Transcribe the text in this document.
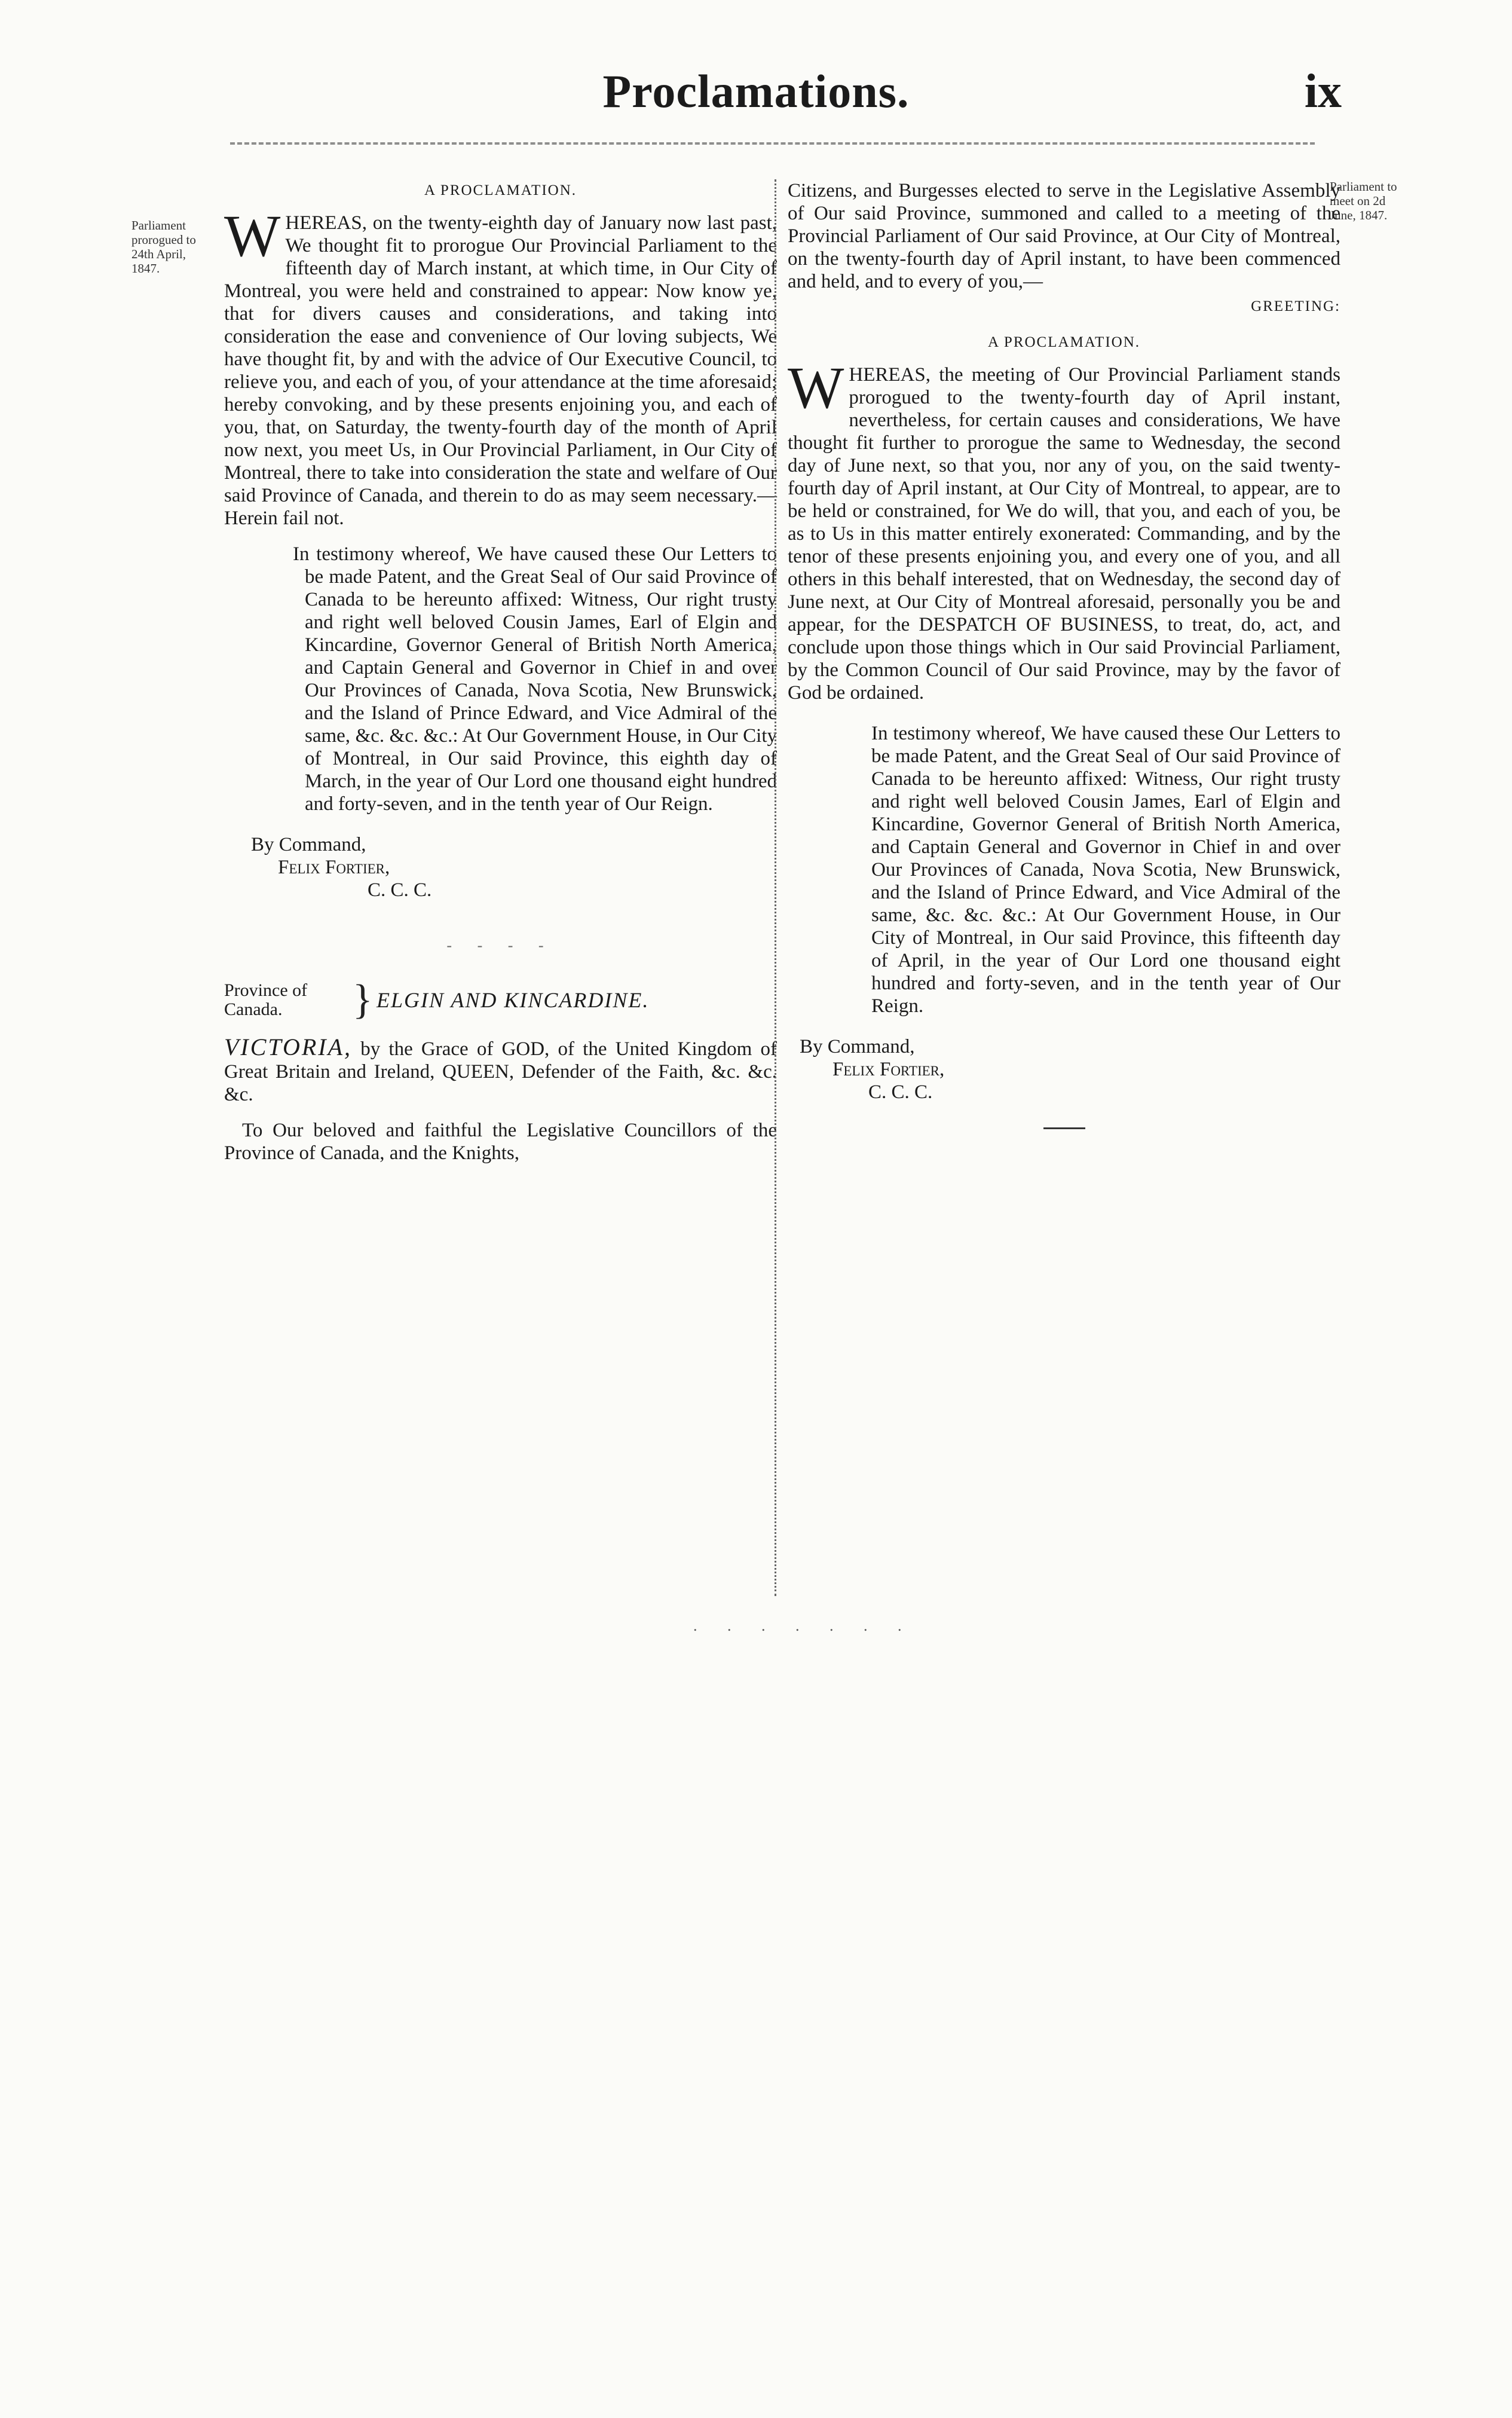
Proclamations.	ix
Parliament
prorogued to
24th April,
1847.
Parliament to
meet on 2d
June, 1847.
A PROCLAMATION.

WHEREAS, on the twenty-eighth day of January now last past, We thought fit to prorogue Our Provincial Parliament to the fifteenth day of March instant, at which time, in Our City of Montreal, you were held and constrained to appear: Now know ye, that for divers causes and considerations, and taking into consideration the ease and convenience of Our loving subjects, We have thought fit, by and with the advice of Our Executive Council, to relieve you, and each of you, of your attendance at the time aforesaid; hereby convoking, and by these presents enjoining you, and each of you, that, on Saturday, the twenty-fourth day of the month of April now next, you meet Us, in Our Provincial Parliament, in Our City of Montreal, there to take into consideration the state and welfare of Our said Province of Canada, and therein to do as may seem necessary.—Herein fail not.

In testimony whereof, We have caused these Our Letters to be made Patent, and the Great Seal of Our said Province of Canada to be hereunto affixed: Witness, Our right trusty and right well beloved Cousin James, Earl of Elgin and Kincardine, Governor General of British North America, and Captain General and Governor in Chief in and over Our Provinces of Canada, Nova Scotia, New Brunswick, and the Island of Prince Edward, and Vice Admiral of the same, &c. &c. &c.: At Our Government House, in Our City of Montreal, in Our said Province, this eighth day of March, in the year of Our Lord one thousand eight hundred and forty-seven, and in the tenth year of Our Reign.

By Command,
Felix Fortier,
C. C. C.
- - - -
Province of
Canada.	} ELGIN AND KINCARDINE.

VICTORIA, by the Grace of GOD, of the United Kingdom of Great Britain and Ireland, QUEEN, Defender of the Faith, &c. &c. &c.

To Our beloved and faithful the Legislative Councillors of the Province of Canada, and the Knights,

Citizens, and Burgesses elected to serve in the Legislative Assembly of Our said Province, summoned and called to a meeting of the Provincial Parliament of Our said Province, at Our City of Montreal, on the twenty-fourth day of April instant, to have been commenced and held, and to every of you,—

GREETING:
A PROCLAMATION.

WHEREAS, the meeting of Our Provincial Parliament stands prorogued to the twenty-fourth day of April instant, nevertheless, for certain causes and considerations, We have thought fit further to prorogue the same to Wednesday, the second day of June next, so that you, nor any of you, on the said twenty-fourth day of April instant, at Our City of Montreal, to appear, are to be held or constrained, for We do will, that you, and each of you, be as to Us in this matter entirely exonerated: Commanding, and by the tenor of these presents enjoining you, and every one of you, and all others in this behalf interested, that on Wednesday, the second day of June next, at Our City of Montreal aforesaid, personally you be and appear, for the DESPATCH OF BUSINESS, to treat, do, act, and conclude upon those things which in Our said Provincial Parliament, by the Common Council of Our said Province, may by the favor of God be ordained.

In testimony whereof, We have caused these Our Letters to be made Patent, and the Great Seal of Our said Province of Canada to be hereunto affixed: Witness, Our right trusty and right well beloved Cousin James, Earl of Elgin and Kincardine, Governor General of British North America, and Captain General and Governor in Chief in and over Our Provinces of Canada, Nova Scotia, New Brunswick, and the Island of Prince Edward, and Vice Admiral of the same, &c. &c. &c.: At Our Government House, in Our City of Montreal, in Our said Province, this fifteenth day of April, in the year of Our Lord one thousand eight hundred and forty-seven, and in the tenth year of Our Reign.

By Command,
Felix Fortier,
C. C. C.
. . . . . . .
